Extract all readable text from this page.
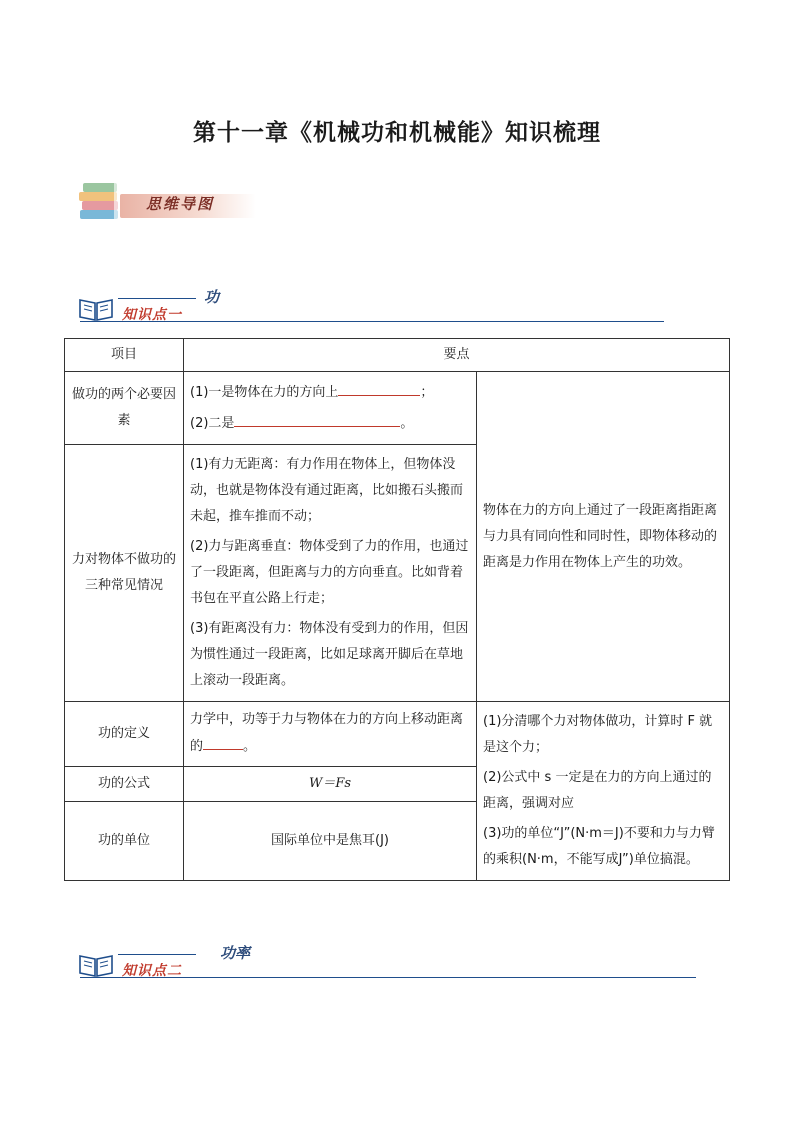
第十一章《机械功和机械能》知识梳理
思维导图
知识点一
功
项目	要点	
做功的两个必要因素	(1)一是物体在力的方向上 ；
(2)二是 。	物体在力的方向上通过了一段距离指距离与力具有同向性和同时性，即物体移动的距离是力作用在物体上产生的功效。
力对物体不做功的三种常见情况	(1)有力无距离：有力作用在物体上，但物体没动，也就是物体没有通过距离，比如搬石头搬而未起，推车推而不动；
(2)力与距离垂直：物体受到了力的作用，也通过了一段距离，但距离与力的方向垂直。比如背着书包在平直公路上行走；
(3)有距离没有力：物体没有受到力的作用，但因为惯性通过一段距离，比如足球离开脚后在草地上滚动一段距离。	

功的定义	力学中，功等于力与物体在力的方向上移动距离的 。	(1)分清哪个力对物体做功，计算时 F 就是这个力；
(2)公式中 s 一定是在力的方向上通过的距离，强调对应
(3)功的单位“J”(N·m＝J)不要和力与力臂的乘积(N·m，不能写成J”)单位搞混。

功的公式	W＝Fs	
功的单位	国际单位中是焦耳(J)	
知识点二
功率
